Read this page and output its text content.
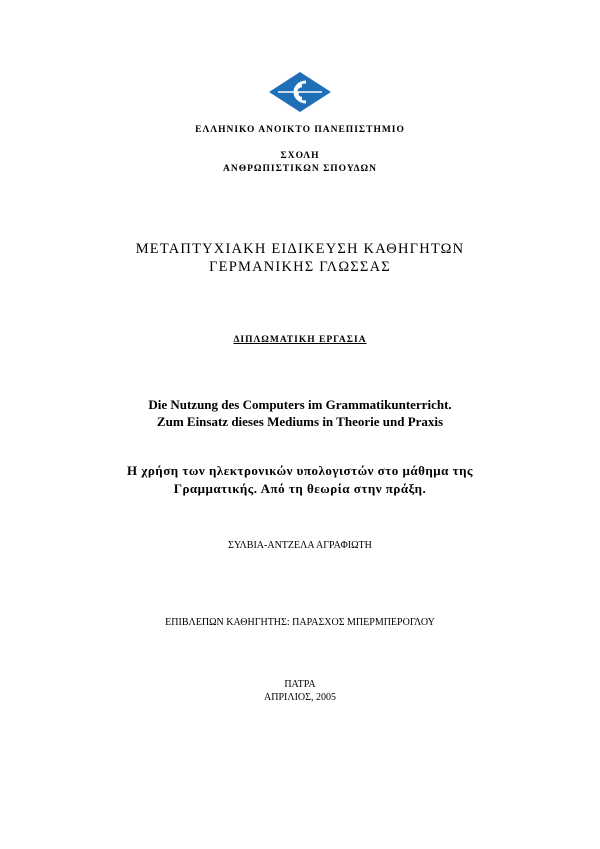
ΕΛΛΗΝΙΚΟ ΑΝΟΙΚΤΟ ΠΑΝΕΠΙΣΤΗΜΙΟ
ΣΧΟΛΗ
ΑΝΘΡΩΠΙΣΤΙΚΩΝ ΣΠΟΥΔΩΝ
ΜΕΤΑΠΤΥΧΙΑΚΗ ΕΙΔΙΚΕΥΣΗ ΚΑΘΗΓΗΤΩΝ
ΓΕΡΜΑΝΙΚΗΣ ΓΛΩΣΣΑΣ
ΔΙΠΛΩΜΑΤΙΚΗ ΕΡΓΑΣΙΑ
Die Nutzung des Computers im Grammatikunterricht.
Zum Einsatz dieses Mediums in Theorie und Praxis
Η χρήση των ηλεκτρονικών υπολογιστών στο μάθημα της
Γραμματικής. Από τη θεωρία στην πράξη.
ΣΥΛΒΙΑ-ΑΝΤΖΕΛΑ ΑΓΡΑΦΙΩΤΗ
ΕΠΙΒΛΕΠΩΝ ΚΑΘΗΓΗΤΗΣ: ΠΑΡΑΣΧΟΣ ΜΠΕΡΜΠΕΡΟΓΛΟΥ
ΠΑΤΡΑ
ΑΠΡΙΛΙΟΣ, 2005
